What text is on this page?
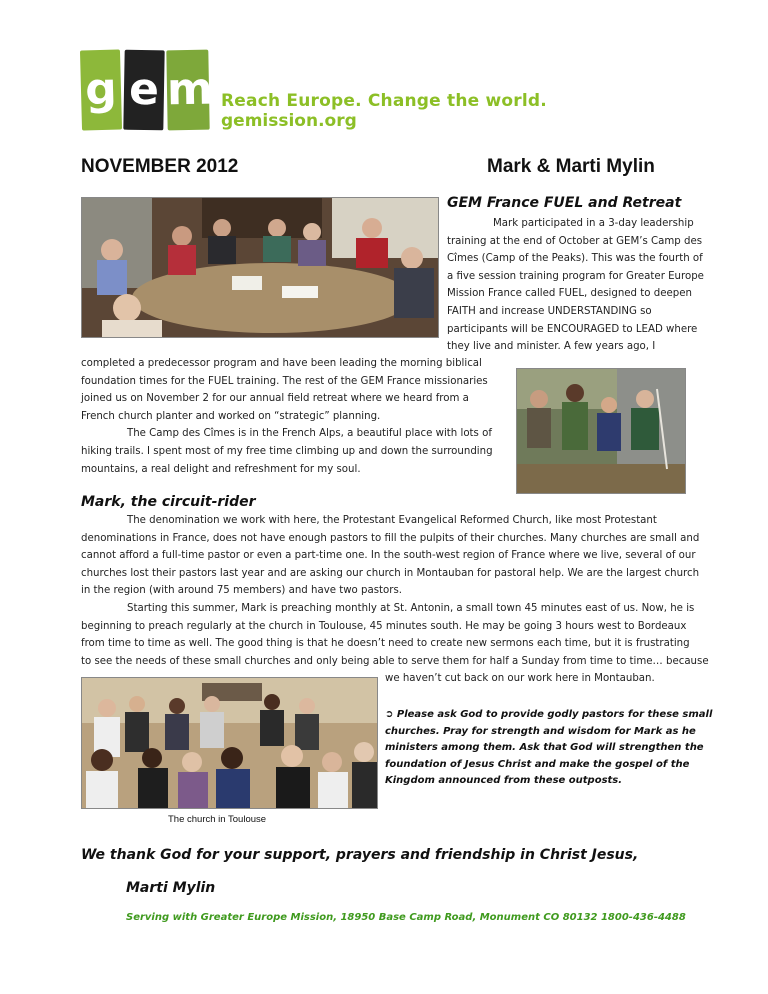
g e m Reach Europe. Change the world.
gemission.org
NOVEMBER 2012	Mark & Marti Mylin
GEM France FUEL and Retreat

Mark participated in a 3-day leadership

training at the end of October at GEM’s Camp des

Cîmes (Camp of the Peaks). This was the fourth of

a five session training program for Greater Europe

Mission France called FUEL, designed to deepen

FAITH and increase UNDERSTANDING so

participants will be ENCOURAGED to LEAD where

they live and minister. A few years ago, I

completed a predecessor program and have been leading the morning biblical

foundation times for the FUEL training. The rest of the GEM France missionaries

joined us on November 2 for our annual field retreat where we heard from a

French church planter and worked on “strategic” planning.

The Camp des Cîmes is in the French Alps, a beautiful place with lots of

hiking trails. I spent most of my free time climbing up and down the surrounding

mountains, a real delight and refreshment for my soul.

Mark, the circuit-rider

The denomination we work with here, the Protestant Evangelical Reformed Church, like most Protestant

denominations in France, does not have enough pastors to fill the pulpits of their churches. Many churches are small and

cannot afford a full-time pastor or even a part-time one. In the south-west region of France where we live, several of our

churches lost their pastors last year and are asking our church in Montauban for pastoral help. We are the largest church

in the region (with around 75 members) and have two pastors.

Starting this summer, Mark is preaching monthly at St. Antonin, a small town 45 minutes east of us. Now, he is

beginning to preach regularly at the church in Toulouse, 45 minutes south. He may be going 3 hours west to Bordeaux

from time to time as well. The good thing is that he doesn’t need to create new sermons each time, but it is frustrating

to see the needs of these small churches and only being able to serve them for half a Sunday from time to time… because

we haven’t cut back on our work here in Montauban.
The church in Toulouse
➲ Please ask God to provide godly pastors for these small
churches. Pray for strength and wisdom for Mark as he
ministers among them. Ask that God will strengthen the
foundation of Jesus Christ and make the gospel of the
Kingdom announced from these outposts.
We thank God for your support, prayers and friendship in Christ Jesus,
Marti Mylin
Serving with Greater Europe Mission, 18950 Base Camp Road, Monument CO 80132 1800-436-4488
